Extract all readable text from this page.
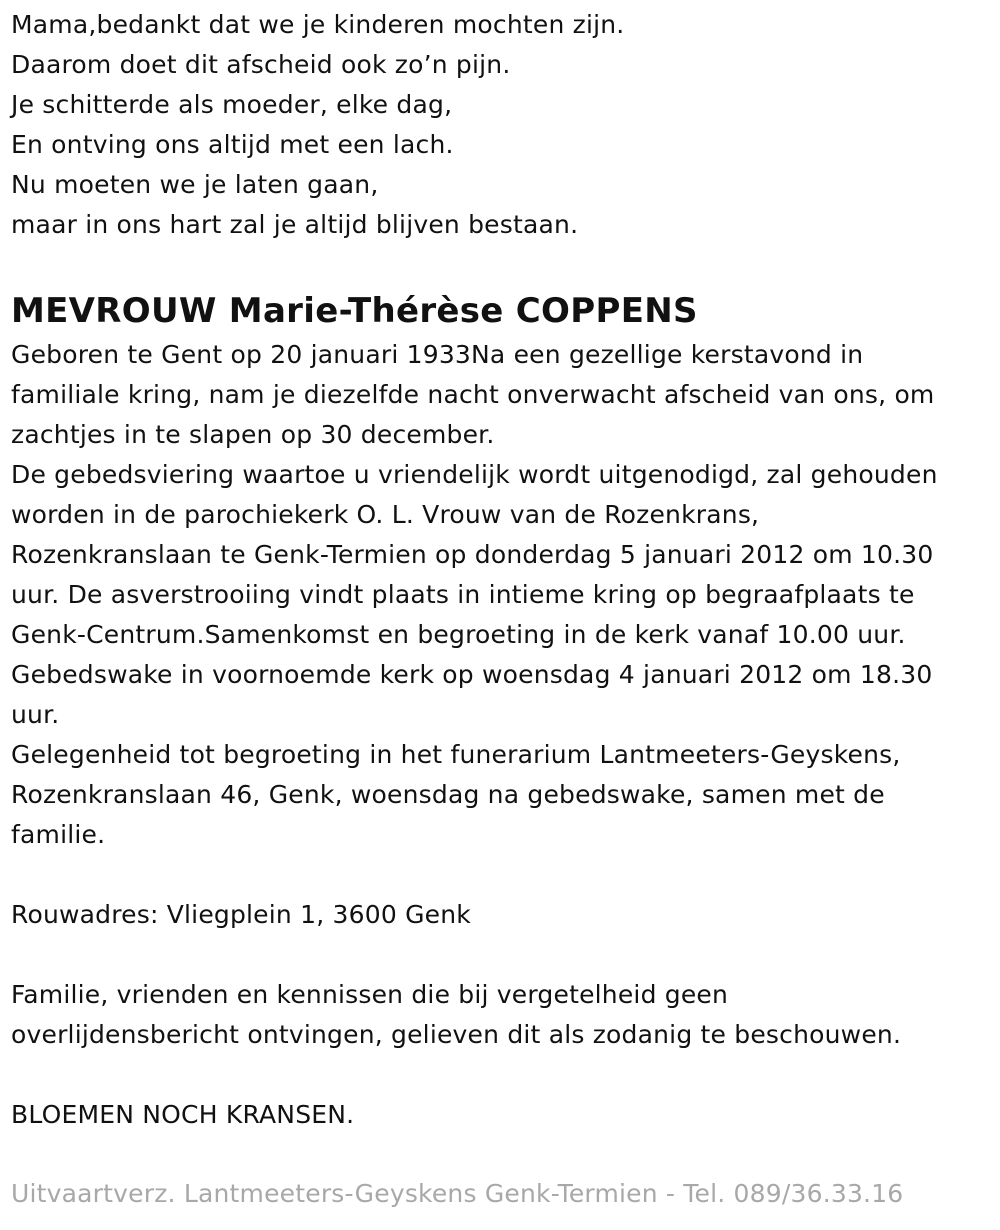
Mama,bedankt dat we je kinderen mochten zijn.
Daarom doet dit afscheid ook zo’n pijn.
Je schitterde als moeder, elke dag,
En ontving ons altijd met een lach.
Nu moeten we je laten gaan,
maar in ons hart zal je altijd blijven bestaan.
MEVROUW Marie-Thérèse COPPENS
Geboren te Gent op 20 januari 1933Na een gezellige kerstavond in
familiale kring, nam je diezelfde nacht onverwacht afscheid van ons, om
zachtjes in te slapen op 30 december.
De gebedsviering waartoe u vriendelijk wordt uitgenodigd, zal gehouden
worden in de parochiekerk O. L. Vrouw van de Rozenkrans,
Rozenkranslaan te Genk-Termien op donderdag 5 januari 2012 om 10.30
uur. De asverstrooiing vindt plaats in intieme kring op begraafplaats te
Genk-Centrum.Samenkomst en begroeting in de kerk vanaf 10.00 uur.
Gebedswake in voornoemde kerk op woensdag 4 januari 2012 om 18.30
uur.
Gelegenheid tot begroeting in het funerarium Lantmeeters-Geyskens,
Rozenkranslaan 46, Genk, woensdag na gebedswake, samen met de
familie.
Rouwadres: Vliegplein 1, 3600 Genk
Familie, vrienden en kennissen die bij vergetelheid geen
overlijdensbericht ontvingen, gelieven dit als zodanig te beschouwen.
BLOEMEN NOCH KRANSEN.
Uitvaartverz. Lantmeeters-Geyskens Genk-Termien - Tel. 089/36.33.16
